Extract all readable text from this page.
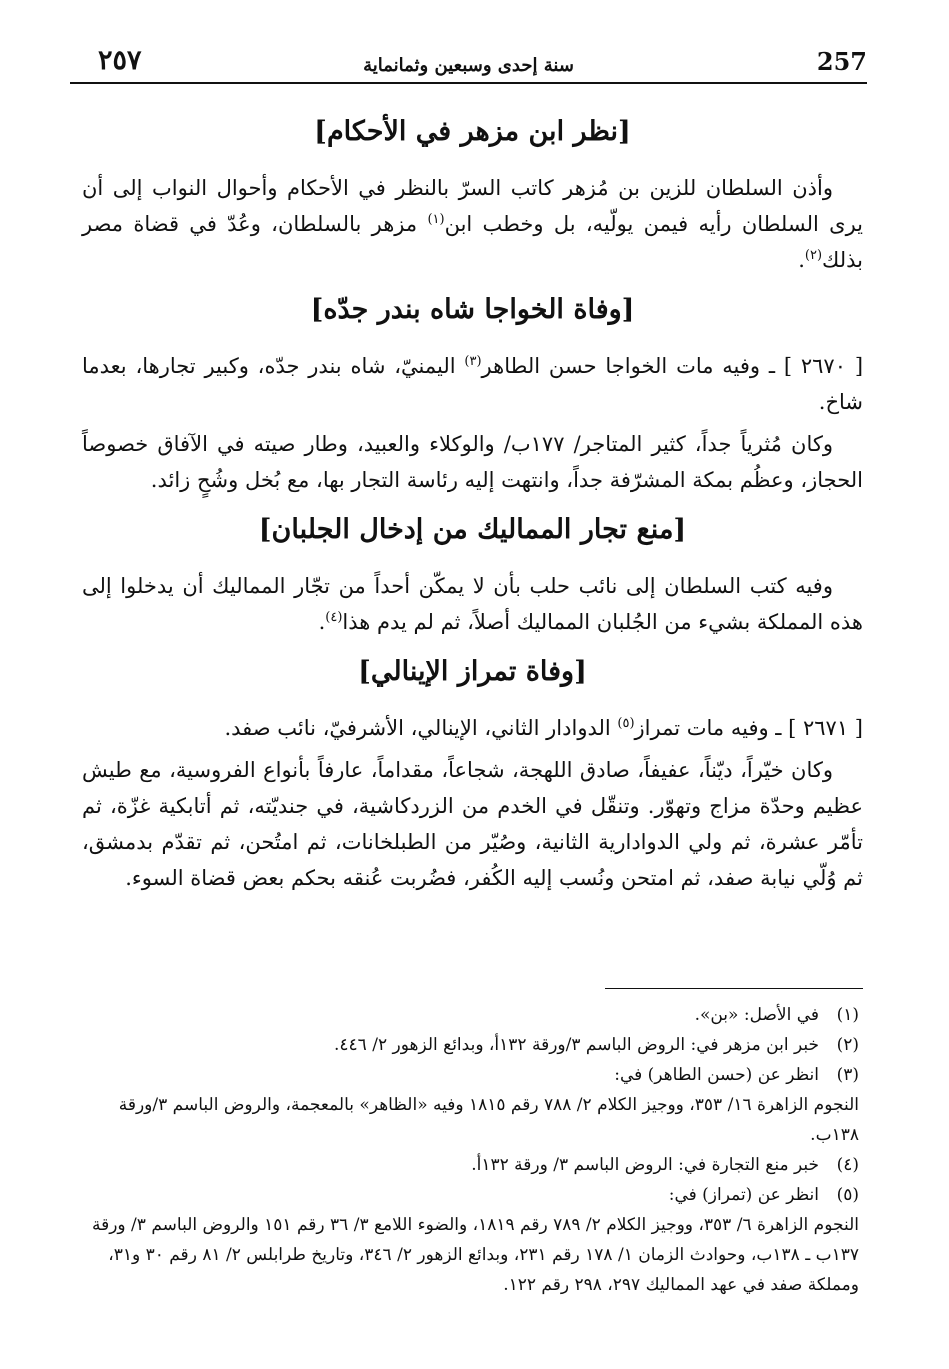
٢٥٧	سنة إحدى وسبعين وثمانماية	257
[نظر ابن مزهر في الأحكام]

وأذن السلطان للزين بن مُزهر كاتب السرّ بالنظر في الأحكام وأحوال النواب إلى أن يرى السلطان رأيه فيمن يولّيه، بل وخطب ابن$^{(١)}$ مزهر بالسلطان، وعُدّ في قضاة مصر بذلك$^{(٢)}$.

[وفاة الخواجا شاه بندر جدّه]

[ ٢٦٧٠ ] ـ وفيه مات الخواجا حسن الطاهر$^{(٣)}$ اليمنيّ، شاه بندر جدّه، وكبير تجارها، بعدما شاخ.

وكان مُثرياً جداً، كثير المتاجر/ ١٧٧ب/ والوكلاء والعبيد، وطار صيته في الآفاق خصوصاً الحجاز، وعظُم بمكة المشرّفة جداً، وانتهت إليه رئاسة التجار بها، مع بُخل وشُحٍ زائد.

[منع تجار المماليك من إدخال الجلبان]

وفيه كتب السلطان إلى نائب حلب بأن لا يمكّن أحداً من تجّار المماليك أن يدخلوا إلى هذه المملكة بشيء من الجُلبان المماليك أصلاً، ثم لم يدم هذا$^{(٤)}$.

[وفاة تمراز الإينالي]

[ ٢٦٧١ ] ـ وفيه مات تمراز$^{(٥)}$ الدوادار الثاني، الإينالي، الأشرفيّ، نائب صفد.

وكان خيّراً، ديّناً، عفيفاً، صادق اللهجة، شجاعاً، مقداماً، عارفاً بأنواع الفروسية، مع طيش عظيم وحدّة مزاج وتهوّر. وتنقّل في الخدم من الزردكاشية، في جنديّته، ثم أتابكية غزّة، ثم تأمّر عشرة، ثم ولي الدوادارية الثانية، وصُيّر من الطبلخانات، ثم امتُحن، ثم تقدّم بدمشق، ثم وُلّي نيابة صفد، ثم امتحن ونُسب إليه الكُفر، فضُربت عُنقه بحكم بعض قضاة السوء.

(١)
في الأصل: «بن».
(٢)
خبر ابن مزهر في: الروض الباسم ٣/ورقة ١٣٢أ، وبدائع الزهور ٢/ ٤٤٦.
(٣)
انظر عن (حسن الطاهر) في:
النجوم الزاهرة ١٦/ ٣٥٣، ووجيز الكلام ٢/ ٧٨٨ رقم ١٨١٥ وفيه «الظاهر» بالمعجمة، والروض الباسم ٣/ورقة ١٣٨ب.
(٤)
خبر منع التجارة في: الروض الباسم ٣/ ورقة ١٣٢أ.
(٥)
انظر عن (تمراز) في:
النجوم الزاهرة ٦/ ٣٥٣، ووجيز الكلام ٢/ ٧٨٩ رقم ١٨١٩، والضوء اللامع ٣/ ٣٦ رقم ١٥١ والروض الباسم ٣/ ورقة ١٣٧ب ـ ١٣٨ب، وحوادث الزمان ١/ ١٧٨ رقم ٢٣١، وبدائع الزهور ٢/ ٣٤٦، وتاريخ طرابلس ٢/ ٨١ رقم ٣٠ و٣١، ومملكة صفد في عهد المماليك ٢٩٧، ٢٩٨ رقم ١٢٢.
